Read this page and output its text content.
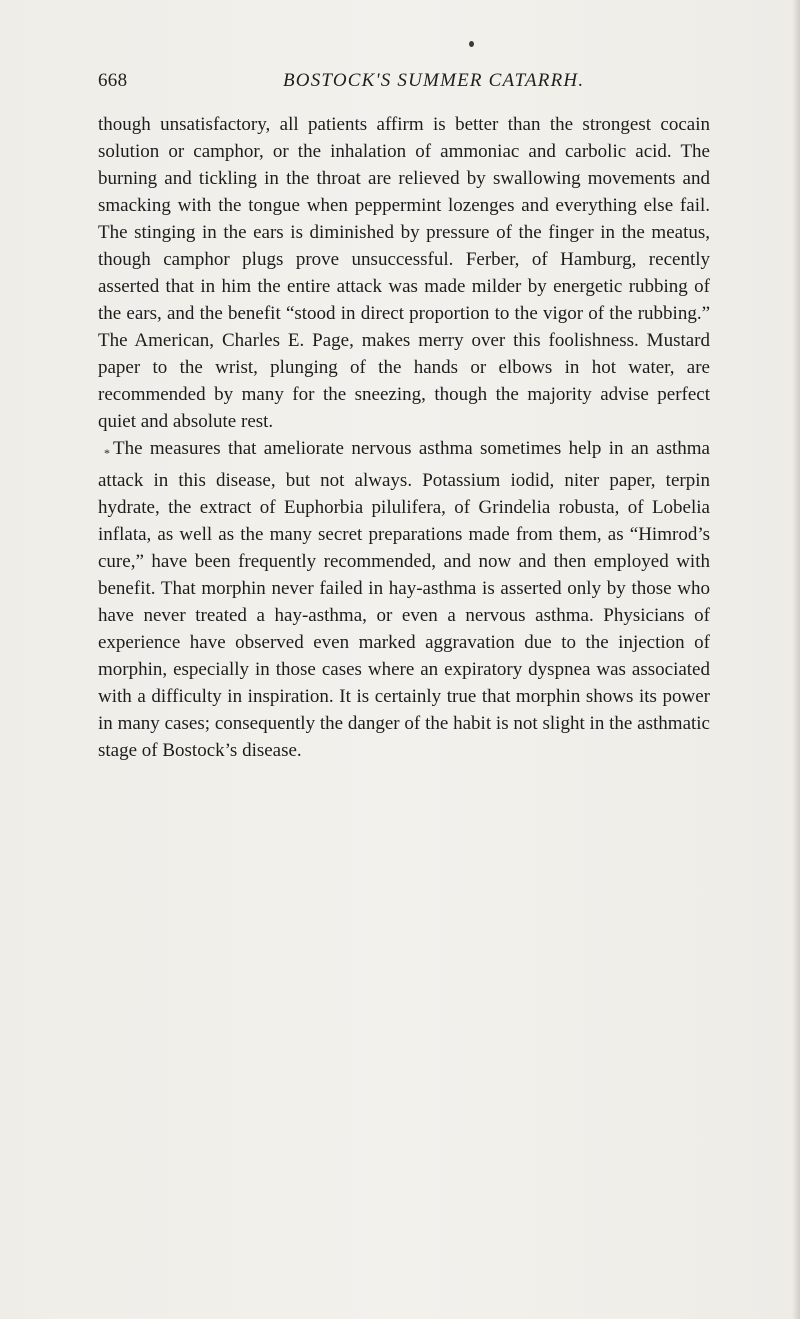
668	BOSTOCK'S SUMMER CATARRH.

though unsatisfactory, all patients affirm is better than the strongest cocain solution or camphor, or the inhalation of ammoniac and carbolic acid. The burning and tickling in the throat are relieved by swallowing movements and smacking with the tongue when peppermint lozenges and everything else fail. The stinging in the ears is diminished by pressure of the finger in the meatus, though camphor plugs prove unsuccessful. Ferber, of Hamburg, recently asserted that in him the entire attack was made milder by energetic rubbing of the ears, and the benefit “stood in direct proportion to the vigor of the rubbing.” The American, Charles E. Page, makes merry over this foolishness. Mustard paper to the wrist, plunging of the hands or elbows in hot water, are recommended by many for the sneezing, though the majority advise perfect quiet and absolute rest.

* The measures that ameliorate nervous asthma sometimes help in an asthma attack in this disease, but not always. Potassium iodid, niter paper, terpin hydrate, the extract of Euphorbia pilulifera, of Grindelia robusta, of Lobelia inflata, as well as the many secret preparations made from them, as “Himrod’s cure,” have been frequently recommended, and now and then employed with benefit. That morphin never failed in hay-asthma is asserted only by those who have never treated a hay-asthma, or even a nervous asthma. Physicians of experience have observed even marked aggravation due to the injection of morphin, especially in those cases where an expiratory dyspnea was associated with a difficulty in inspiration. It is certainly true that morphin shows its power in many cases; consequently the danger of the habit is not slight in the asthmatic stage of Bostock’s disease.
